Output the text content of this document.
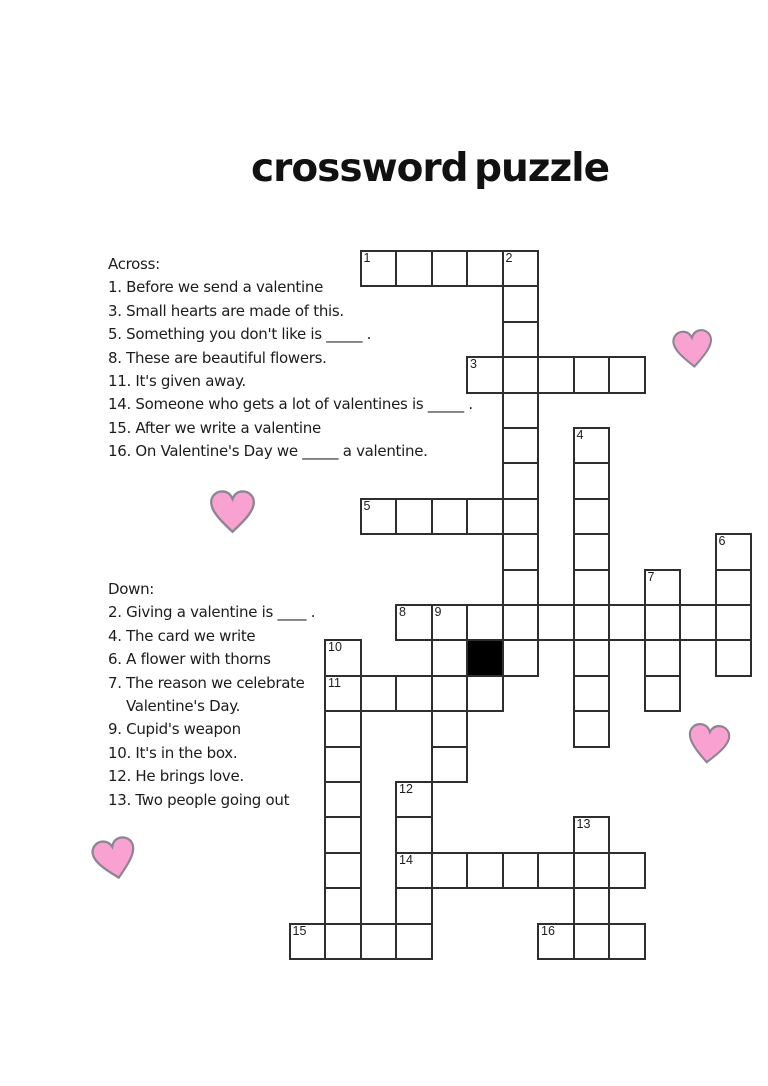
crossword puzzle
Across:
1. Before we send a valentine
3. Small hearts are made of this.
5. Something you don't like is _____ .
8. These are beautiful flowers.
11. It's given away.
14. Someone who gets a lot of valentines is _____ .
15. After we write a valentine
16. On Valentine's Day we _____ a valentine.
Down:
2. Giving a valentine is ____ .
4. The card we write
6. A flower with thorns
7. The reason we celebrate
Valentine's Day.
9. Cupid's weapon
10. It's in the box.
12. He brings love.
13. Two people going out
1	2
3
4
5
6
7
8 9
10
11
12
13
14
15	16
